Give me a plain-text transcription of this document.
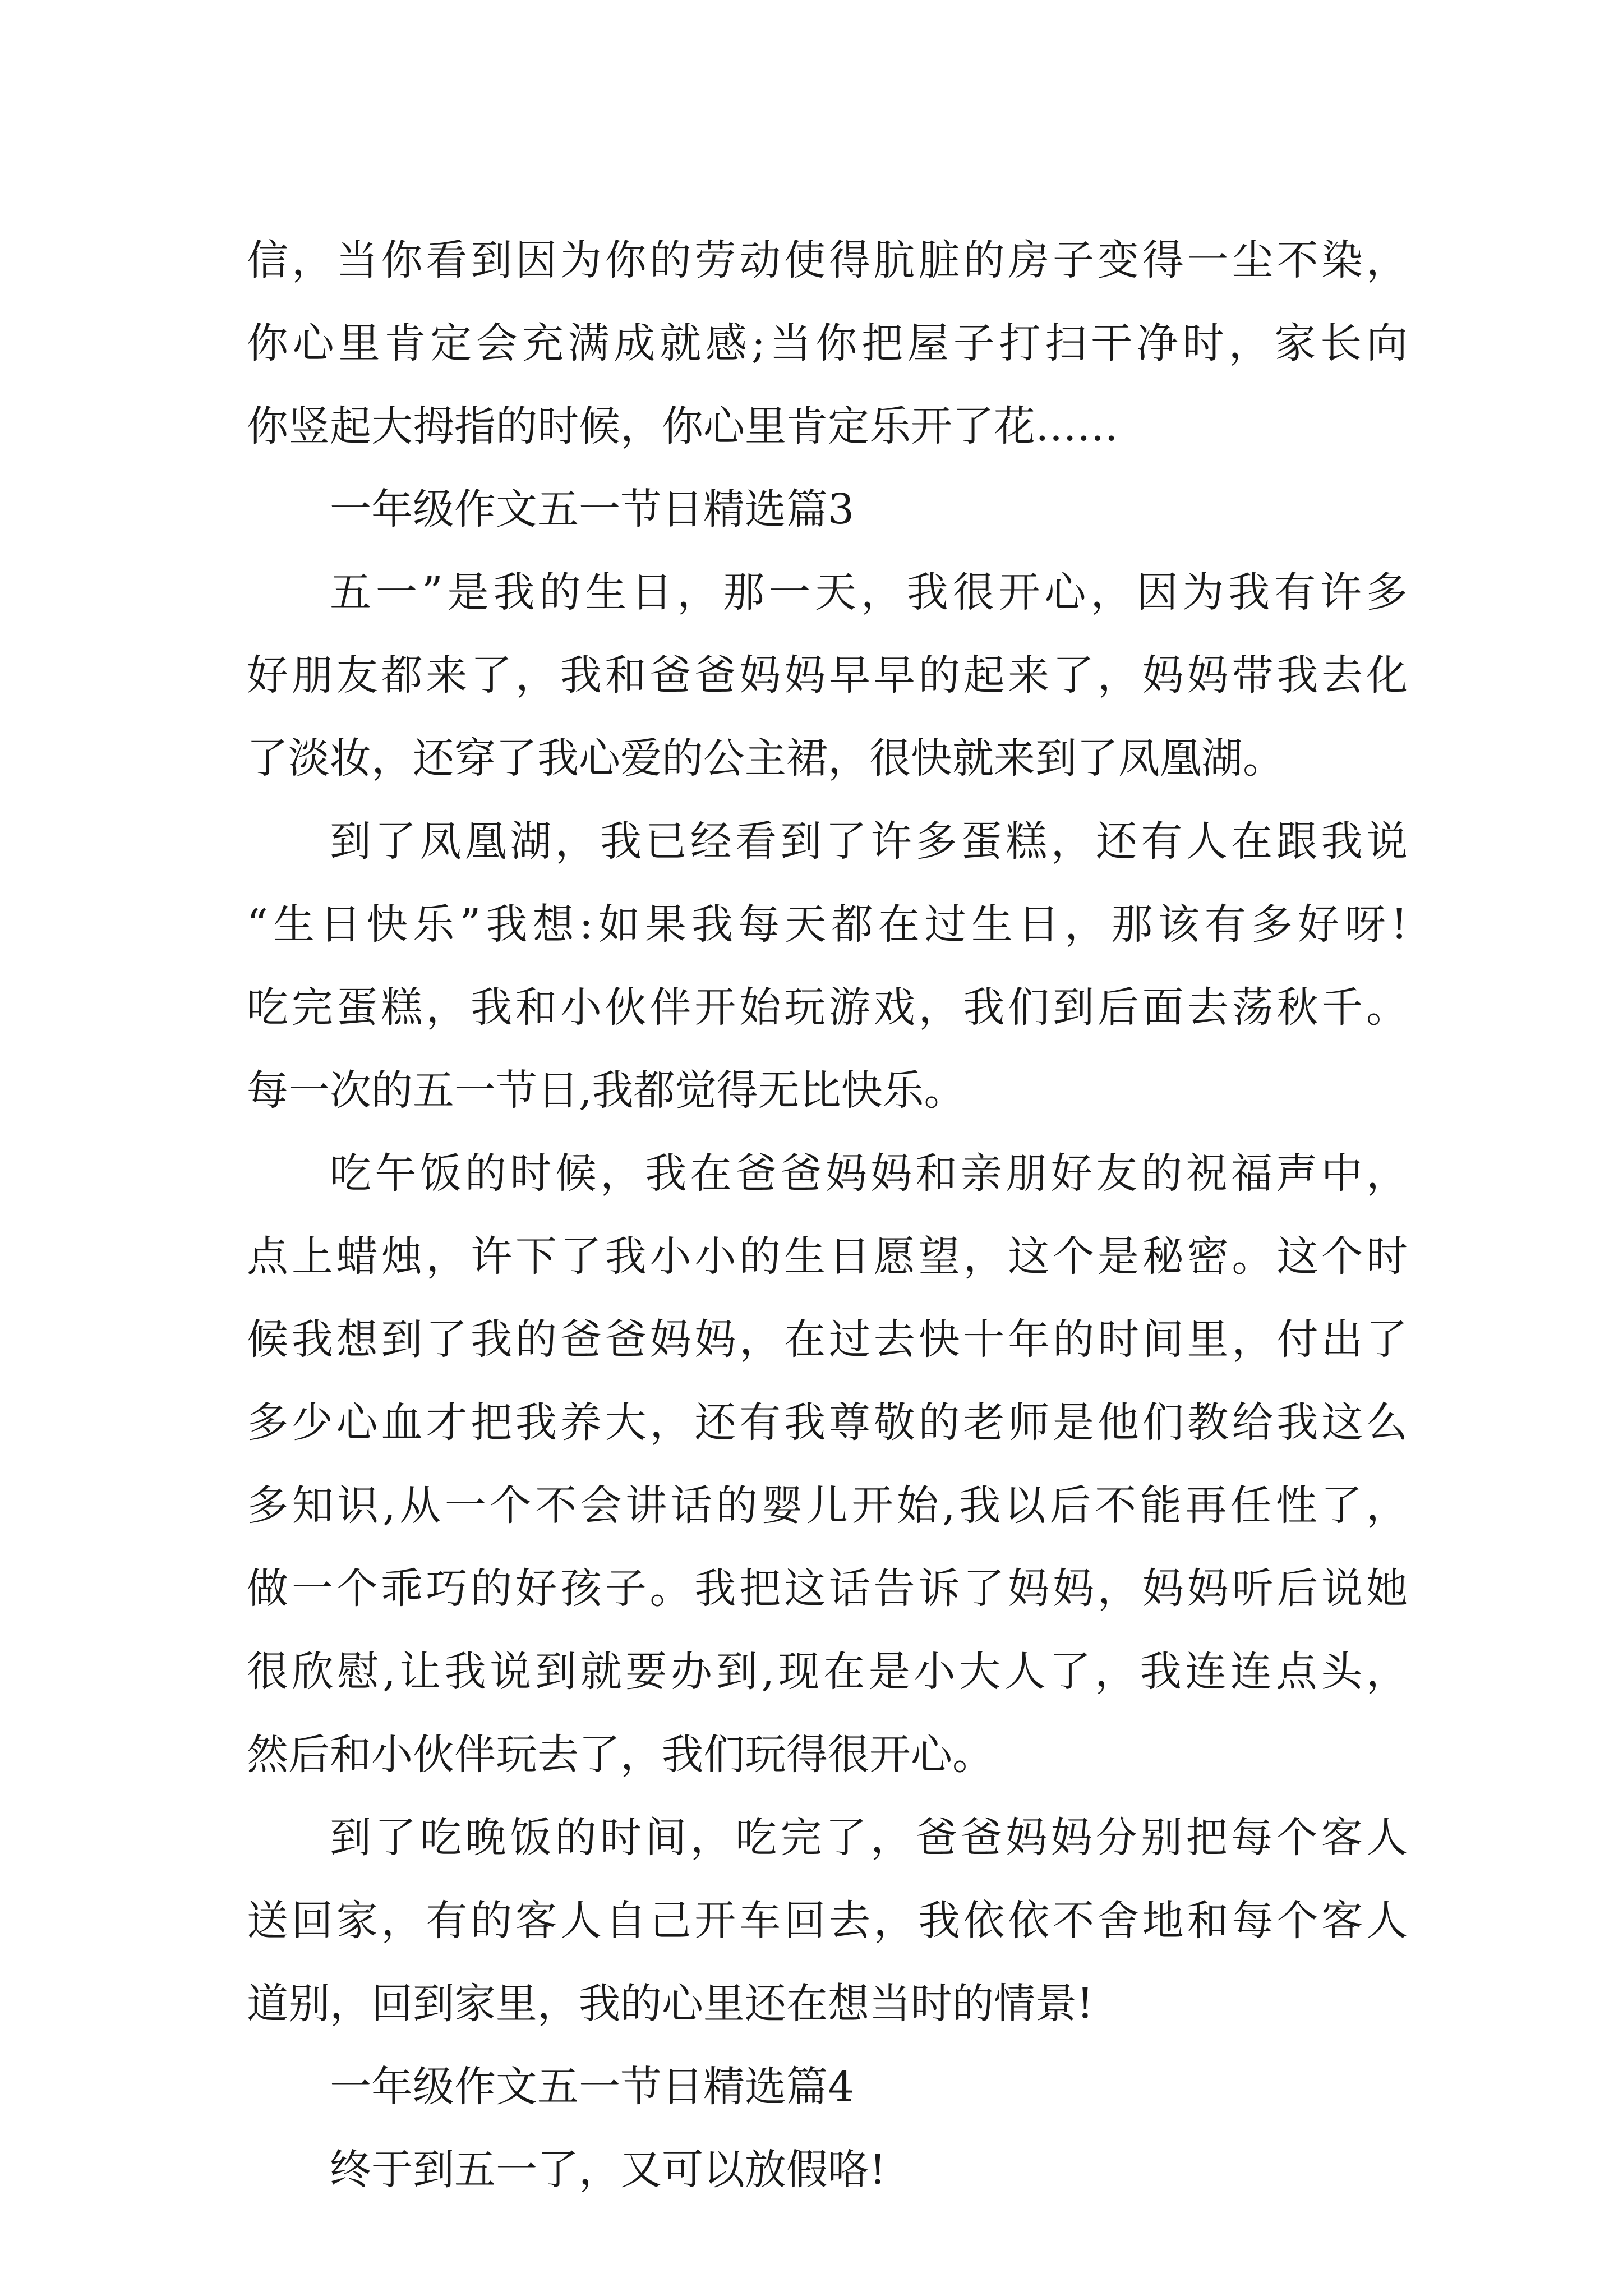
信，当你看到因为你的劳动使得肮脏的房子变得一尘不染，
你心里肯定会充满成就感;当你把屋子打扫干净时，家长向
你竖起大拇指的时候，你心里肯定乐开了花……
一年级作文五一节日精选篇3
五一”是我的生日，那一天，我很开心，因为我有许多
好朋友都来了，我和爸爸妈妈早早的起来了，妈妈带我去化
了淡妆，还穿了我心爱的公主裙，很快就来到了凤凰湖。
到了凤凰湖，我已经看到了许多蛋糕，还有人在跟我说
“生日快乐”我想:如果我每天都在过生日，那该有多好呀!
吃完蛋糕，我和小伙伴开始玩游戏，我们到后面去荡秋千。
每一次的五一节日,我都觉得无比快乐。
吃午饭的时候，我在爸爸妈妈和亲朋好友的祝福声中，
点上蜡烛，许下了我小小的生日愿望，这个是秘密。这个时
候我想到了我的爸爸妈妈，在过去快十年的时间里，付出了
多少心血才把我养大，还有我尊敬的老师是他们教给我这么
多知识,从一个不会讲话的婴儿开始,我以后不能再任性了，
做一个乖巧的好孩子。我把这话告诉了妈妈，妈妈听后说她
很欣慰,让我说到就要办到,现在是小大人了，我连连点头，
然后和小伙伴玩去了，我们玩得很开心。
到了吃晚饭的时间，吃完了，爸爸妈妈分别把每个客人
送回家，有的客人自己开车回去，我依依不舍地和每个客人
道别，回到家里，我的心里还在想当时的情景!
一年级作文五一节日精选篇4
终于到五一了，又可以放假咯!
